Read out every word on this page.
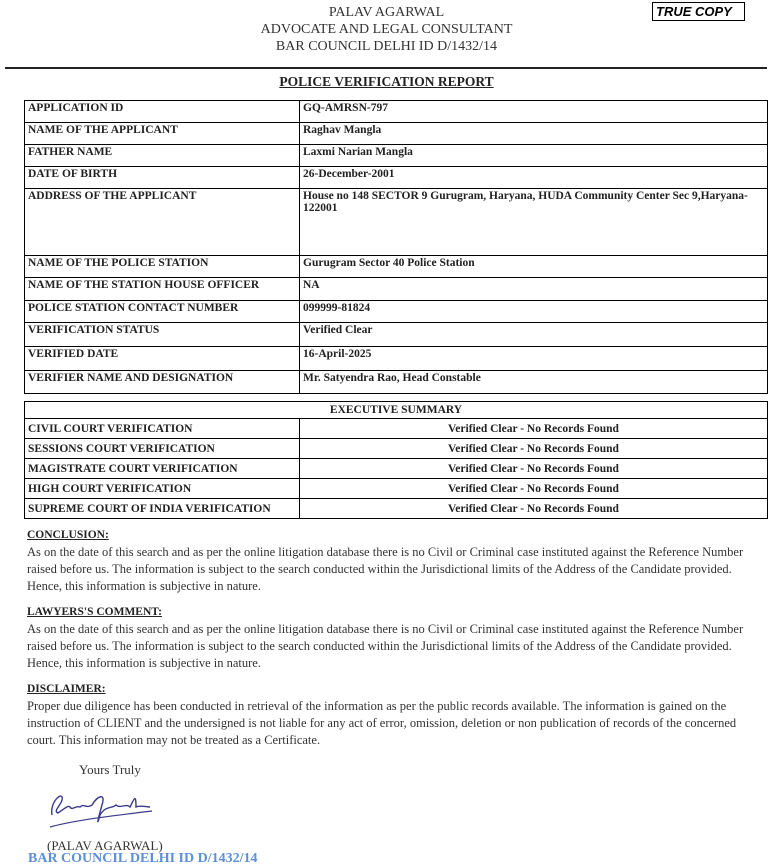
PALAV AGARWAL
ADVOCATE AND LEGAL CONSULTANT
BAR COUNCIL DELHI ID D/1432/14
TRUE COPY
POLICE VERIFICATION REPORT
APPLICATION ID	GQ-AMRSN-797
NAME OF THE APPLICANT	Raghav Mangla
FATHER NAME	Laxmi Narian Mangla
DATE OF BIRTH	26-December-2001
ADDRESS OF THE APPLICANT	House no 148 SECTOR 9 Gurugram, Haryana, HUDA Community Center Sec 9,Haryana-122001
NAME OF THE POLICE STATION	Gurugram Sector 40 Police Station
NAME OF THE STATION HOUSE OFFICER	NA
POLICE STATION CONTACT NUMBER	099999-81824
VERIFICATION STATUS	Verified Clear
VERIFIED DATE	16-April-2025
VERIFIER NAME AND DESIGNATION	Mr. Satyendra Rao, Head Constable
EXECUTIVE SUMMARY	
CIVIL COURT VERIFICATION	Verified Clear - No Records Found
SESSIONS COURT VERIFICATION	Verified Clear - No Records Found
MAGISTRATE COURT VERIFICATION	Verified Clear - No Records Found
HIGH COURT VERIFICATION	Verified Clear - No Records Found
SUPREME COURT OF INDIA VERIFICATION	Verified Clear - No Records Found
CONCLUSION:
As on the date of this search and as per the online litigation database there is no Civil or Criminal case instituted against the Reference Number raised before us. The information is subject to the search conducted within the Jurisdictional limits of the Address of the Candidate provided. Hence, this information is subjective in nature.
LAWYERS'S COMMENT:
As on the date of this search and as per the online litigation database there is no Civil or Criminal case instituted against the Reference Number raised before us. The information is subject to the search conducted within the Jurisdictional limits of the Address of the Candidate provided. Hence, this information is subjective in nature.
DISCLAIMER:
Proper due diligence has been conducted in retrieval of the information as per the public records available. The information is gained on the instruction of CLIENT and the undersigned is not liable for any act of error, omission, deletion or non publication of records of the concerned court. This information may not be treated as a Certificate.
Yours Truly
(PALAV AGARWAL)
BAR COUNCIL DELHI ID D/1432/14
